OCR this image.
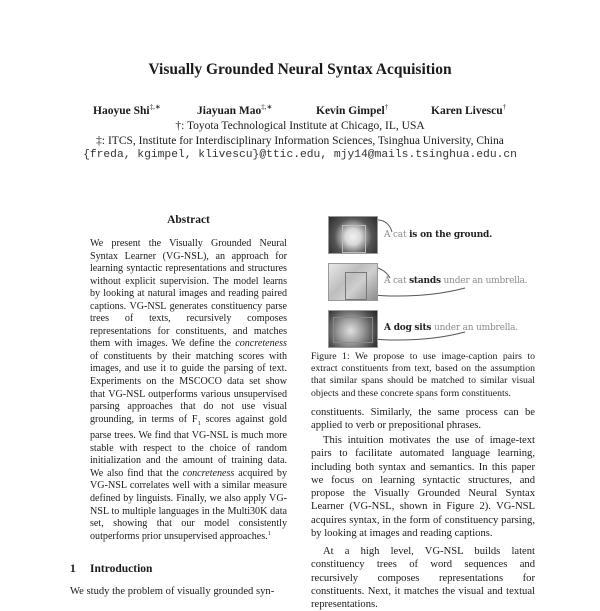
Visually Grounded Neural Syntax Acquisition
Haoyue Shi‡,∗	Jiayuan Mao‡,∗	Kevin Gimpel†	Karen Livescu†
†: Toyota Technological Institute at Chicago, IL, USA
‡: ITCS, Institute for Interdisciplinary Information Sciences, Tsinghua University, China
{freda, kgimpel, klivescu}@ttic.edu, mjy14@mails.tsinghua.edu.cn
Abstract
We present the Visually Grounded Neural Syntax Learner (VG-NSL), an approach for learning syntactic representations and structures without explicit supervision. The model learns by looking at natural images and reading paired captions. VG-NSL generates constituency parse trees of texts, recursively composes representations for constituents, and matches them with images. We define the concreteness of constituents by their matching scores with images, and use it to guide the parsing of text. Experiments on the MSCOCO data set show that VG-NSL outperforms various unsupervised parsing approaches that do not use visual grounding, in terms of $F_1$ scores against gold parse trees. We find that VG-NSL is much more stable with respect to the choice of random initialization and the amount of training data. We also find that the concreteness acquired by VG-NSL correlates well with a similar measure defined by linguists. Finally, we also apply VG-NSL to multiple languages in the Multi30K data set, showing that our model consistently outperforms prior unsupervised approaches.$^1$
1 Introduction
We study the problem of visually grounded syn-
A cat is on the ground.
A cat stands under an umbrella.
A dog sits under an umbrella.
Figure 1: We propose to use image-caption pairs to extract constituents from text, based on the assumption that similar spans should be matched to similar visual objects and these concrete spans form constituents.
constituents. Similarly, the same process can be applied to verb or prepositional phrases.
This intuition motivates the use of image-text pairs to facilitate automated language learning, including both syntax and semantics. In this paper we focus on learning syntactic structures, and propose the Visually Grounded Neural Syntax Learner (VG-NSL, shown in Figure 2). VG-NSL acquires syntax, in the form of constituency parsing, by looking at images and reading captions.
At a high level, VG-NSL builds latent constituency trees of word sequences and recursively composes representations for constituents. Next, it matches the visual and textual representations.
